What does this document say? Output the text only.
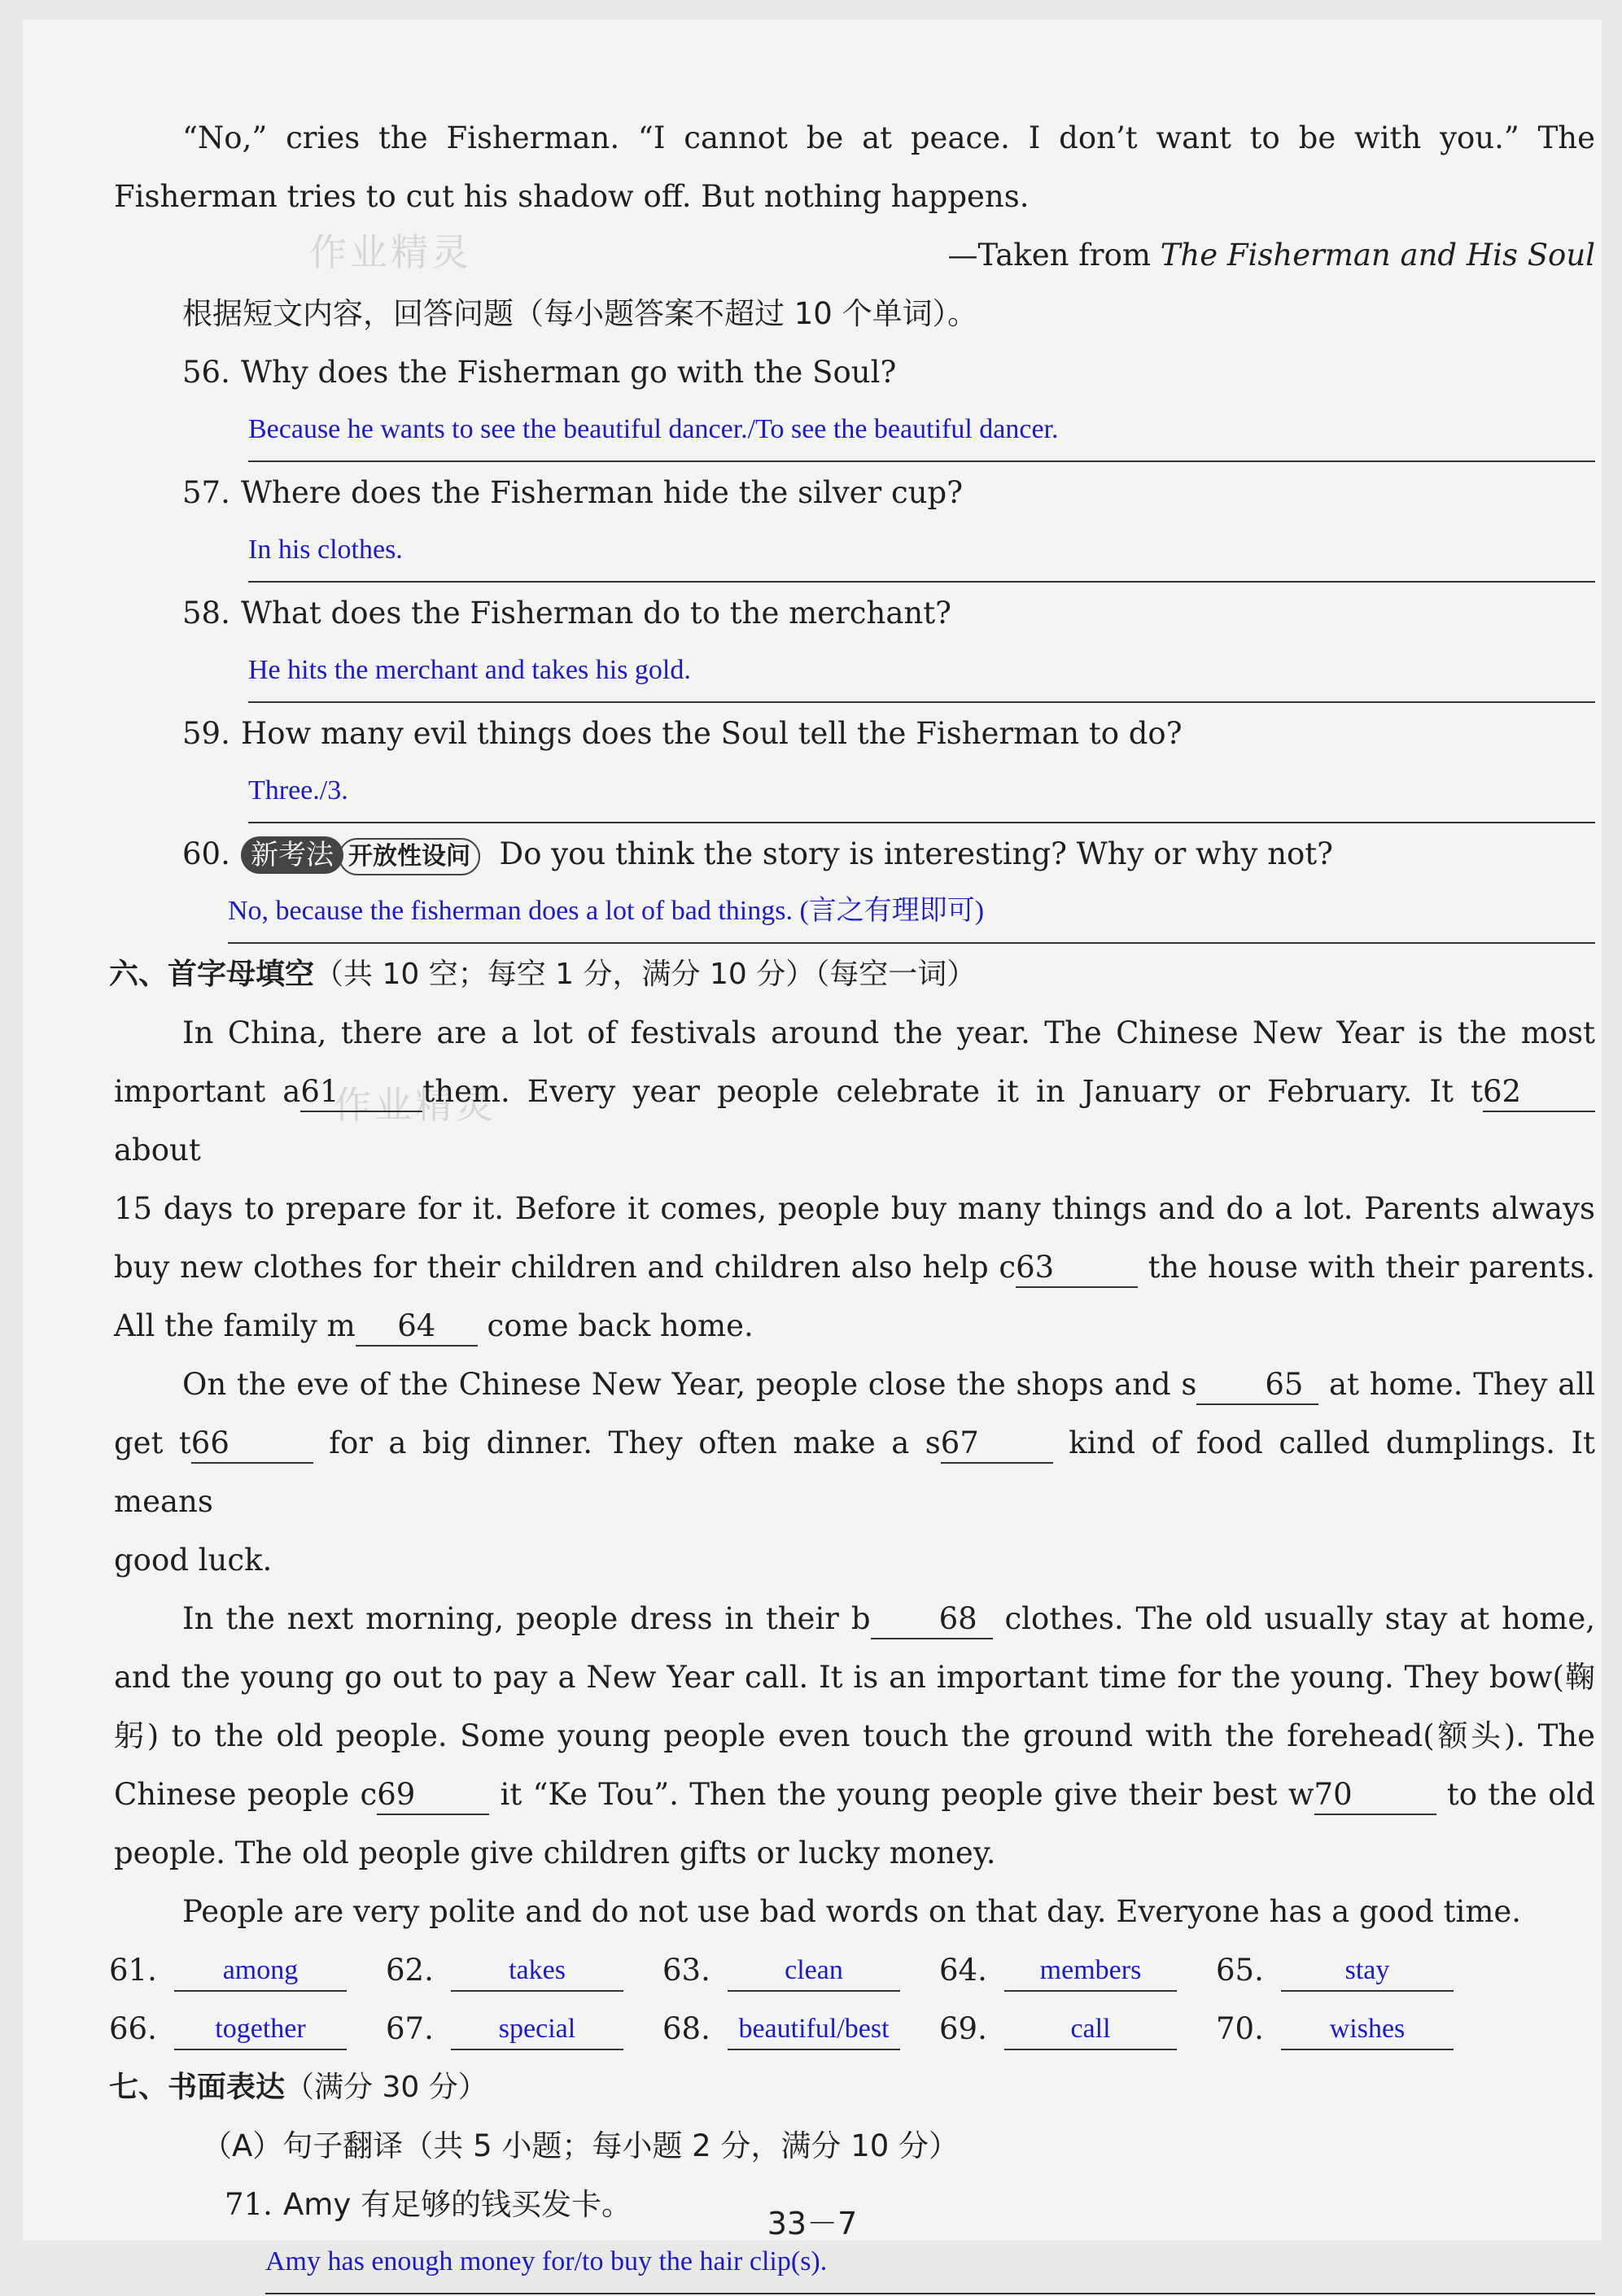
作业精灵
作业精灵

“No,” cries the Fisherman. “I cannot be at peace. I don’t want to be with you.” The

Fisherman tries to cut his shadow off. But nothing happens.

—Taken from The Fisherman and His Soul

根据短文内容，回答问题（每小题答案不超过 10 个单词）。

56. Why does the Fisherman go with the Soul?

Because he wants to see the beautiful dancer./To see the beautiful dancer.

57. Where does the Fisherman hide the silver cup?

In his clothes.

58. What does the Fisherman do to the merchant?

He hits the merchant and takes his gold.

59. How many evil things does the Soul tell the Fisherman to do?

Three./3.

60. 新考法 开放性设问 Do you think the story is interesting? Why or why not?

No, because the fisherman does a lot of bad things. (言之有理即可)

六、首字母填空（共 10 空；每空 1 分，满分 10 分）（每空一词）

In China, there are a lot of festivals around the year. The Chinese New Year is the most

important a61	them. Every year people celebrate it in January or February. It t62 about

15 days to prepare for it. Before it comes, people buy many things and do a lot. Parents always

buy new clothes for their children and children also help c63	the house with their parents.

All the family m 64 come back home.

On the eve of the Chinese New Year, people close the shops and s 65 at home. They all

get t66	for a big dinner. They often make a s67 kind of food called dumplings. It means

good luck.

In the next morning, people dress in their b 68 clothes. The old usually stay at home,

and the young go out to pay a New Year call. It is an important time for the young. They bow(鞠

躬) to the old people. Some young people even touch the ground with the forehead(额头). The

Chinese people c69 it “Ke Tou”. Then the young people give their best w70	to the old

people. The old people give children gifts or lucky money.

People are very polite and do not use bad words on that day. Everyone has a good time.

61.	among	62.	takes	63.	clean	64.	members	65.	stay
66.	together	67.	special	68.	beautiful/best	69.	call	70.	wishes

七、书面表达（满分 30 分）

（A）句子翻译（共 5 小题；每小题 2 分，满分 10 分）

71. Amy 有足够的钱买发卡。

Amy has enough money for/to buy the hair clip(s).
33－7
